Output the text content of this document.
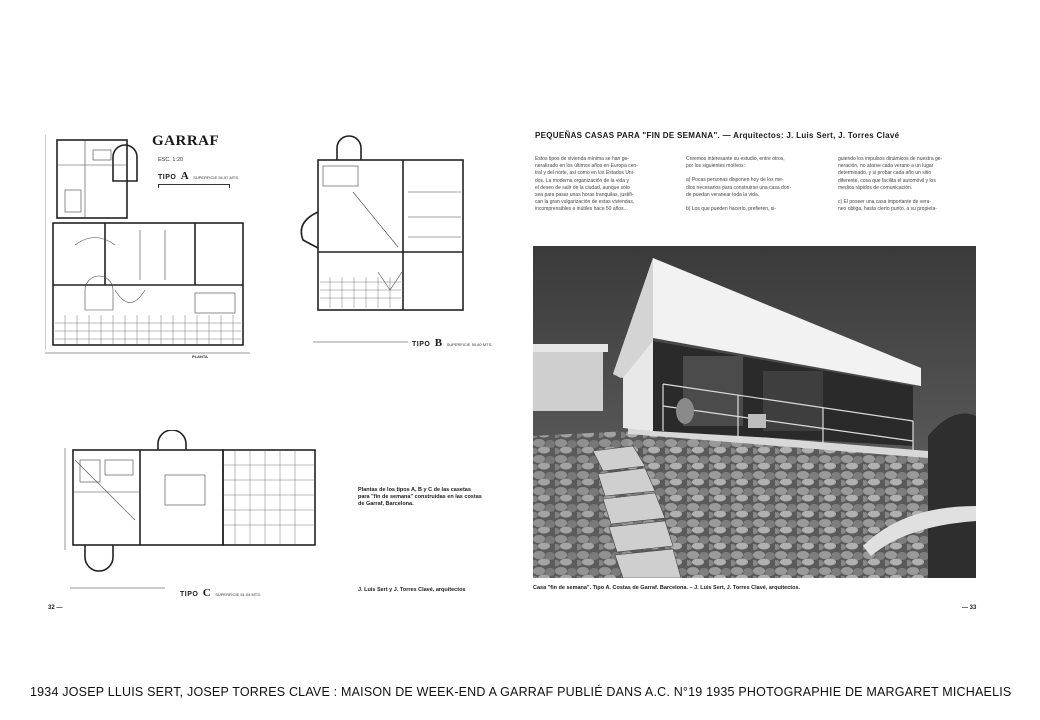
GARRAF
ESC. 1:20
TIPO A SUPERFICIE 54.97 MTS.
PLANTA
TIPO B SUPERFICIE 50.80 MTS.
TIPO C SUPERFICIE 51.04 MTS.
Plantas de los tipos A, B y C de las casetas
para "fin de semana" construidas en las costas
de Garraf, Barcelona.
J. Luis Sert y J. Torres Clavé, arquitectos
32 —
PEQUEÑAS CASAS PARA "FIN DE SEMANA". — Arquitectos: J. Luis Sert, J. Torres Clavé
Estos tipos de vivienda mínima se han ge-
neralizado en los últimos años en Europa cen-
tral y del norte, así como en los Estados Uni-
dos. La moderna organización de la vida y
el deseo de salir de la ciudad, aunque sólo
sea para pasar unas horas tranquilas, justifi-
can la gran vulgarización de estas viviendas,
incomprensibles e inútiles hace 50 años...
Creemos interesante su estudio, entre otros,
por los siguientes motivos:
a) Pocas personas disponen hoy de los me-
dios necesarios para construirse una casa don-
de puedan veranear toda la vida.
b) Los que pueden hacerlo, prefieren, si-
guiendo los impulsos dinámicos de nuestra ge-
neración, no atarse cada verano a un lugar
determinado, y si probar cada año un sitio
diferente, cosa que facilita el automóvil y los
medios rápidos de comunicación.
c) El poseer una casa importante de vera-
neo obliga, hasta cierto punto, a su propieta-
Casa "fin de semana". Tipo A. Costas de Garraf. Barcelona. – J. Luis Sert, J. Torres Clavé, arquitectos.
— 33
1934 JOSEP LLUIS SERT, JOSEP TORRES CLAVE : MAISON DE WEEK-END A GARRAF PUBLIÉ DANS A.C. N°19 1935 PHOTOGRAPHIE DE MARGARET MICHAELIS
